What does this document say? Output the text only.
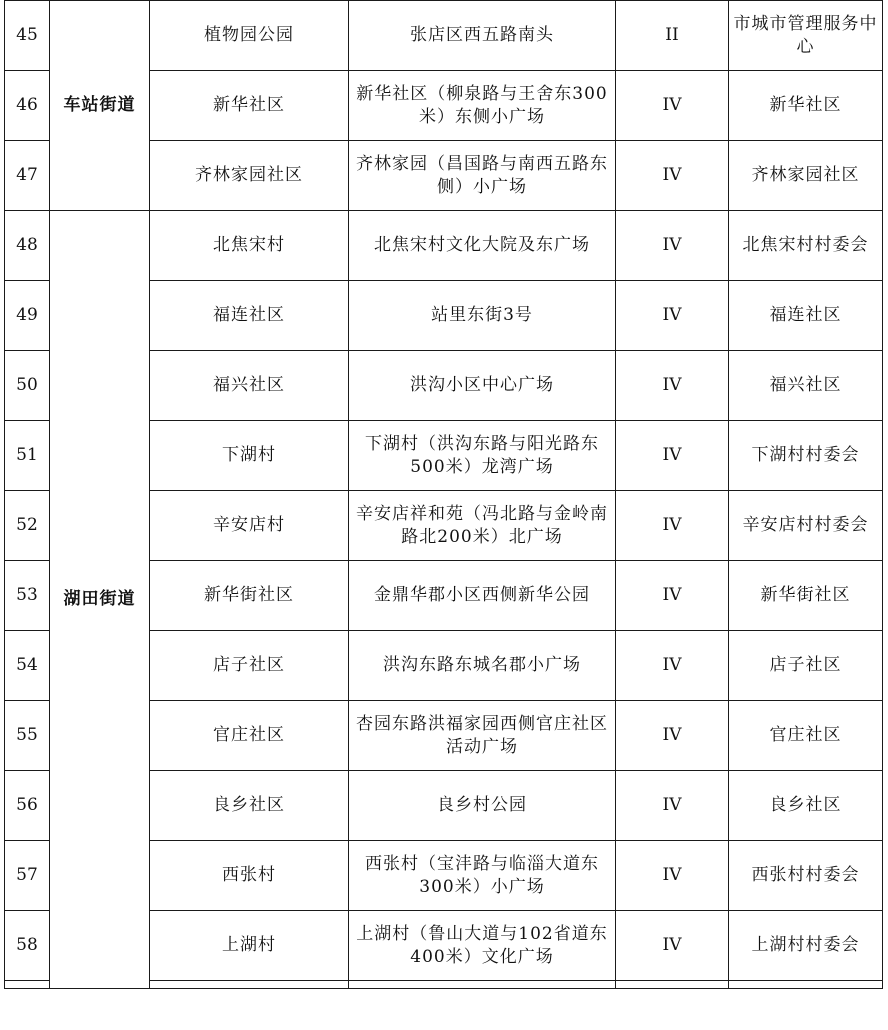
45	车站街道	植物园公园	张店区西五路南头	II	市城市管理服务中心
46		新华社区	新华社区（柳泉路与王舍东300米）东侧小广场	IV	新华社区
47		齐林家园社区	齐林家园（昌国路与南西五路东侧）小广场	IV	齐林家园社区
48	湖田街道	北焦宋村	北焦宋村文化大院及东广场	IV	北焦宋村村委会
49		福连社区	站里东街3号	IV	福连社区
50		福兴社区	洪沟小区中心广场	IV	福兴社区
51		下湖村	下湖村（洪沟东路与阳光路东500米）龙湾广场	IV	下湖村村委会
52		辛安店村	辛安店祥和苑（冯北路与金岭南路北200米）北广场	IV	辛安店村村委会
53		新华街社区	金鼎华郡小区西侧新华公园	IV	新华街社区
54		店子社区	洪沟东路东城名郡小广场	IV	店子社区
55		官庄社区	杏园东路洪福家园西侧官庄社区活动广场	IV	官庄社区
56		良乡社区	良乡村公园	IV	良乡社区
57		西张村	西张村（宝沣路与临淄大道东300米）小广场	IV	西张村村委会
58		上湖村	上湖村（鲁山大道与102省道东400米）文化广场	IV	上湖村村委会
